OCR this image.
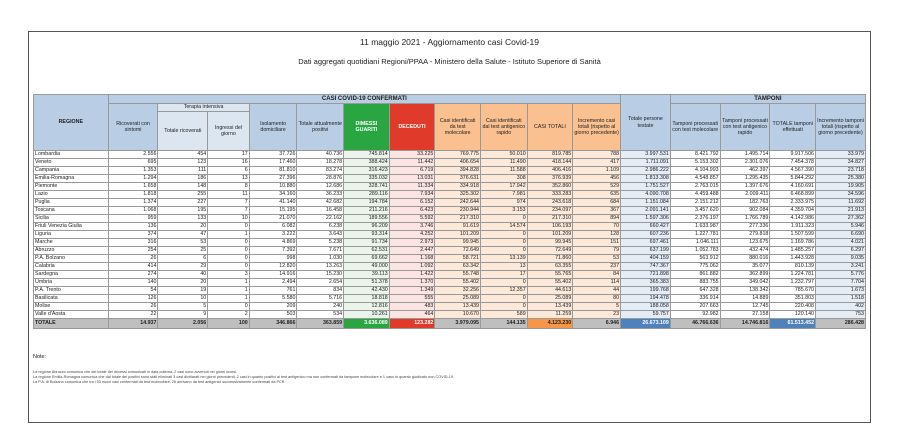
11 maggio 2021 - Aggiornamento casi Covid-19
Dati aggregati quotidiani Regioni/PPAA - Ministero della Salute - Istituto Superiore di Sanità
REGIONE	CASI COVID-19 CONFERMATI											Totale persone testate	TAMPONI			
	Ricoverati con sintomi	Terapia intensiva		Isolamento domiciliare	Totale attualmente positivi	DIMESSI GUARITI	DECEDUTI	Casi identificati da test molecolare	Casi identificati dal test antigenico rapido	CASI TOTALI	Incremento casi totali (rispetto al giorno precedente)		Tamponi processati con test molecolare	Tamponi processati con test antigenico rapido	TOTALE tamponi effettuati	Incremento tamponi totali (rispetto al giorno precedente)
		Totale ricoverati	Ingressi del giorno													
Lombardia	2.556	454	17	37.726	40.736	745.814	33.225	769.775	50.010	819.785	788	3.997.531	8.421.792	1.495.714	9.917.506	33.979
Veneto	695	123	16	17.460	18.278	388.424	11.442	406.654	11.490	418.144	417	1.711.091	5.153.302	2.301.076	7.454.378	34.827
Campania	1.353	111	6	81.810	83.274	316.423	6.719	394.828	11.588	406.416	1.109	2.986.222	4.104.993	462.397	4.567.390	23.718
Emilia-Romagna	1.294	186	13	27.396	28.876	335.032	13.031	376.631	308	376.939	456	1.813.308	4.548.857	1.295.435	5.844.292	25.380
Piemonte	1.658	148	8	10.880	12.686	328.741	11.334	334.918	17.942	352.860	529	1.751.527	2.763.015	1.397.676	4.160.691	19.905
Lazio	1.818	255	11	34.160	36.233	289.116	7.934	325.302	7.981	333.283	635	4.090.708	4.459.488	2.009.411	6.468.899	34.596
Puglia	1.374	227	7	41.140	42.682	194.784	6.152	242.644	974	243.618	684	1.151.084	2.151.212	182.763	2.333.975	11.692
Toscana	1.068	195	7	15.195	16.458	211.216	6.423	230.944	3.153	234.097	367	2.091.141	3.457.620	902.084	4.359.704	21.913
Sicilia	959	133	10	21.070	22.162	189.556	5.592	217.310	0	217.310	894	1.597.306	2.376.197	1.766.789	4.142.986	27.362
Friuli Venezia Giulia	136	20	0	6.082	6.238	96.209	3.746	91.619	14.574	106.193	70	660.427	1.633.987	277.336	1.911.323	5.946
Liguria	374	47	1	3.222	3.643	93.314	4.252	101.209	0	101.209	128	607.236	1.227.781	279.818	1.507.599	6.690
Marche	316	53	0	4.869	5.238	91.734	2.973	99.945	0	99.945	151	697.461	1.046.111	123.675	1.169.786	4.021
Abruzzo	254	25	0	7.392	7.671	62.531	2.447	72.649	0	72.649	79	637.199	1.052.783	432.474	1.485.257	6.297
P.A. Bolzano	26	6	0	998	1.030	69.662	1.168	58.721	13.139	71.860	53	404.159	563.912	880.016	1.443.928	9.035
Calabria	414	29	0	12.820	13.263	49.000	1.092	63.342	13	63.355	237	747.367	775.062	35.077	810.139	3.241
Sardegna	274	40	3	14.916	15.230	39.113	1.422	55.748	17	55.765	84	721.898	861.882	362.899	1.224.781	5.776
Umbria	140	20	1	2.494	2.654	51.378	1.370	55.402	0	55.402	114	365.383	883.755	349.042	1.232.797	7.704
P.A. Trento	54	19	1	761	834	42.430	1.349	32.256	12.357	44.613	44	199.768	647.328	138.342	785.670	1.673
Basilicata	126	10	1	5.580	5.716	18.818	555	25.089	0	25.089	80	194.478	336.914	14.889	351.803	1.518
Molise	26	5	0	209	240	12.816	483	13.439	0	13.439	5	188.058	207.663	12.745	220.408	402
Valle d'Aosta	22	9	2	503	534	10.261	464	10.670	589	11.259	23	59.757	92.982	27.158	120.140	753
TOTALE	14.937	2.056	100	346.866	363.859	3.636.089	123.282	3.979.095	144.135	4.123.230	6.946	26.673.109	46.766.636	14.746.816	61.513.452	286.428
Note:
La regione Abruzzo comunica che del totale dei decessi comunicati in data odierna, 2 casi sono avvenuti nei giorni scorsi.
La regione Emilia-Romagna comunica che dal totale dei positivi sono stati eliminati 3 casi dichiarati nei giorni precedenti: 2 casi in quanto positivi al test antigenico ma non confermati da tampone molecolare e 1 caso in quanto giudicato non COVID-19.
La P.A. di Bolzano comunica che tra i 53 nuovi casi confermati da test molecolare, 26 derivano da test antigenici successivamente confermati da PCR.
